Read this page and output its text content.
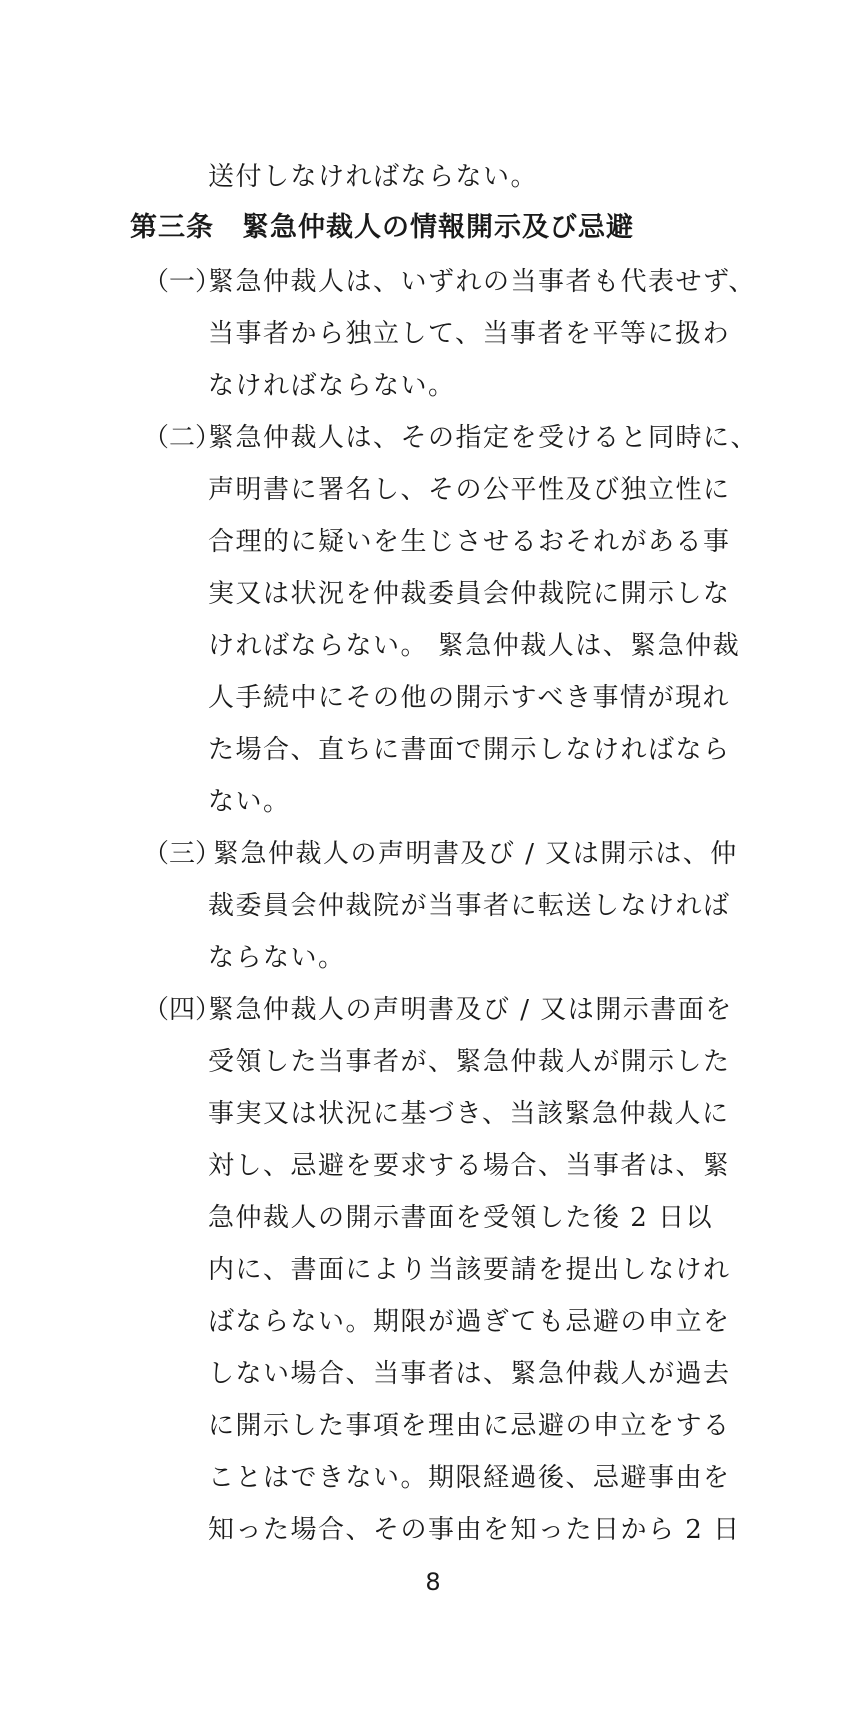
送付しなければならない。
第三条　緊急仲裁人の情報開示及び忌避
（一）
緊急仲裁人は、いずれの当事者も代表せず、
当事者から独立して、当事者を平等に扱わ
なければならない。
（二）
緊急仲裁人は、その指定を受けると同時に、
声明書に署名し、その公平性及び独立性に
合理的に疑いを生じさせるおそれがある事
実又は状況を仲裁委員会仲裁院に開示しな
ければならない。 緊急仲裁人は、緊急仲裁
人手続中にその他の開示すべき事情が現れ
た場合、直ちに書面で開示しなければなら
ない。
（三）
緊急仲裁人の声明書及び / 又は開示は、仲
裁委員会仲裁院が当事者に転送しなければ
ならない。
（四）
緊急仲裁人の声明書及び / 又は開示書面を
受領した当事者が、緊急仲裁人が開示した
事実又は状況に基づき、当該緊急仲裁人に
対し、忌避を要求する場合、当事者は、緊
急仲裁人の開示書面を受領した後 2 日以
内に、書面により当該要請を提出しなけれ
ばならない。期限が過ぎても忌避の申立を
しない場合、当事者は、緊急仲裁人が過去
に開示した事項を理由に忌避の申立をする
ことはできない。期限経過後、忌避事由を
知った場合、その事由を知った日から 2 日
8
